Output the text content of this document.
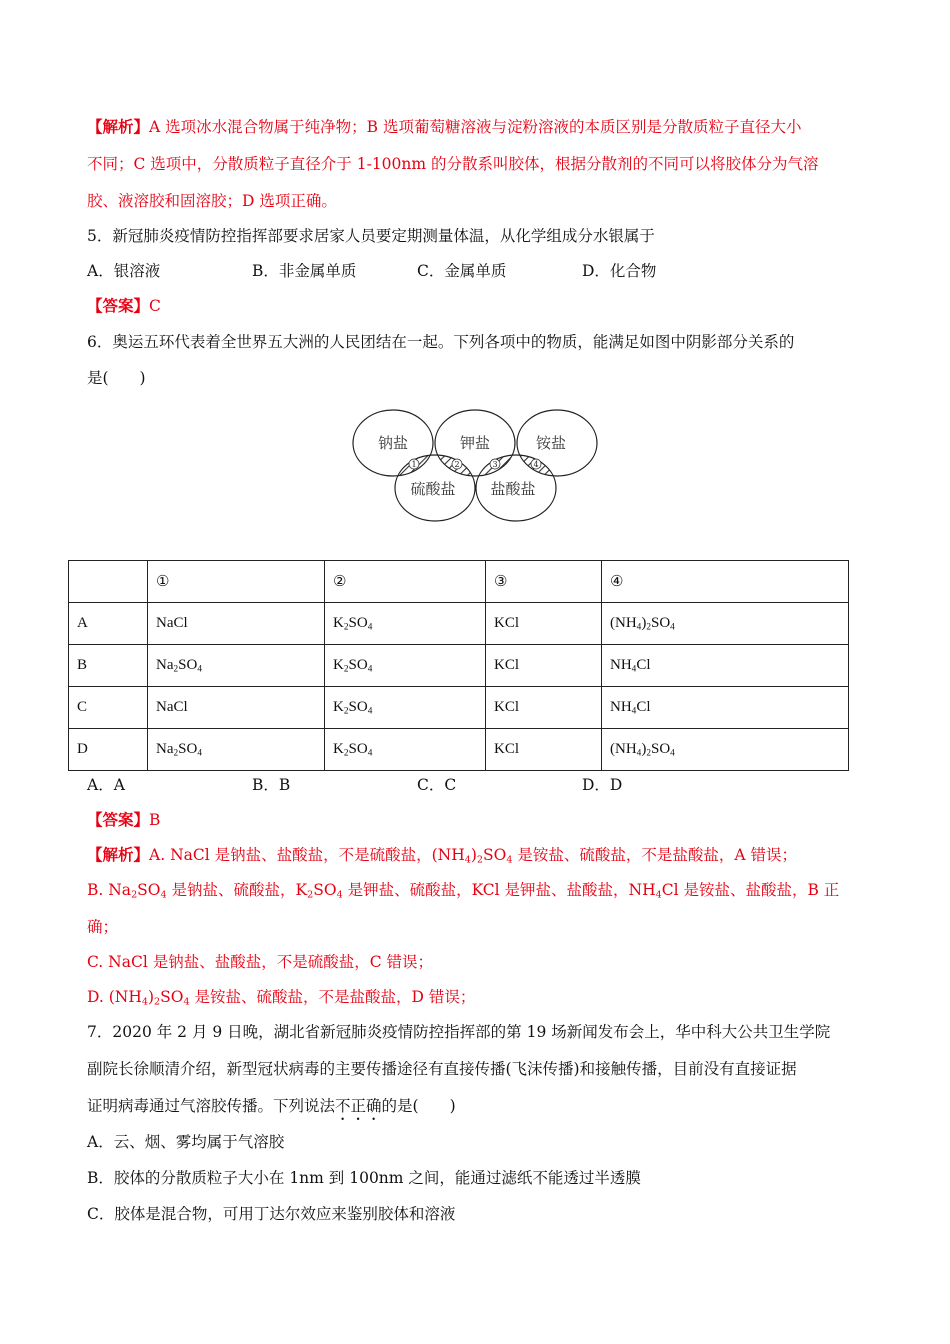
【解析】A 选项冰水混合物属于纯净物；B 选项葡萄糖溶液与淀粉溶液的本质区别是分散质粒子直径大小
不同；C 选项中，分散质粒子直径介于 1-100nm 的分散系叫胶体，根据分散剂的不同可以将胶体分为气溶
胶、液溶胶和固溶胶；D 选项正确。
5．新冠肺炎疫情防控指挥部要求居家人员要定期测量体温，从化学组成分水银属于
A．银溶液	B．非金属单质	C．金属单质	D．化合物
【答案】C
6．奥运五环代表着全世界五大洲的人民团结在一起。下列各项中的物质，能满足如图中阴影部分关系的
是(　　)
钠盐	钾盐	铵盐
硫酸盐 盐酸盐
1	2	3	4
	①	②	③	④
A	NaCl	$K_2SO_4$	KCl	$(NH_4)_2SO_4$
B	$Na_2SO_4$	$K_2SO_4$	KCl	$NH_4Cl$
C	NaCl	$K_2SO_4$	KCl	$NH_4Cl$
D	$Na_2SO_4$	$K_2SO_4$	KCl	$(NH_4)_2SO_4$
A．A	B．B	C．C	D．D
【答案】B
【解析】A. NaCl 是钠盐、盐酸盐，不是硫酸盐，$(NH_4)_2SO_4$ 是铵盐、硫酸盐，不是盐酸盐，A 错误；
B. $Na_2SO_4$ 是钠盐、硫酸盐，$K_2SO_4$ 是钾盐、硫酸盐，KCl 是钾盐、盐酸盐，$NH_4Cl$ 是铵盐、盐酸盐，B 正
确；
C. NaCl 是钠盐、盐酸盐，不是硫酸盐，C 错误；
D. $(NH_4)_2SO_4$ 是铵盐、硫酸盐，不是盐酸盐，D 错误；
7．2020 年 2 月 9 日晚，湖北省新冠肺炎疫情防控指挥部的第 19 场新闻发布会上，华中科大公共卫生学院
副院长徐顺清介绍，新型冠状病毒的主要传播途径有直接传播(飞沫传播)和接触传播，目前没有直接证据
证明病毒通过气溶胶传播。下列说法不正确的是(　　)
A．云、烟、雾均属于气溶胶
B．胶体的分散质粒子大小在 1nm 到 100nm 之间，能通过滤纸不能透过半透膜
C．胶体是混合物，可用丁达尔效应来鉴别胶体和溶液
